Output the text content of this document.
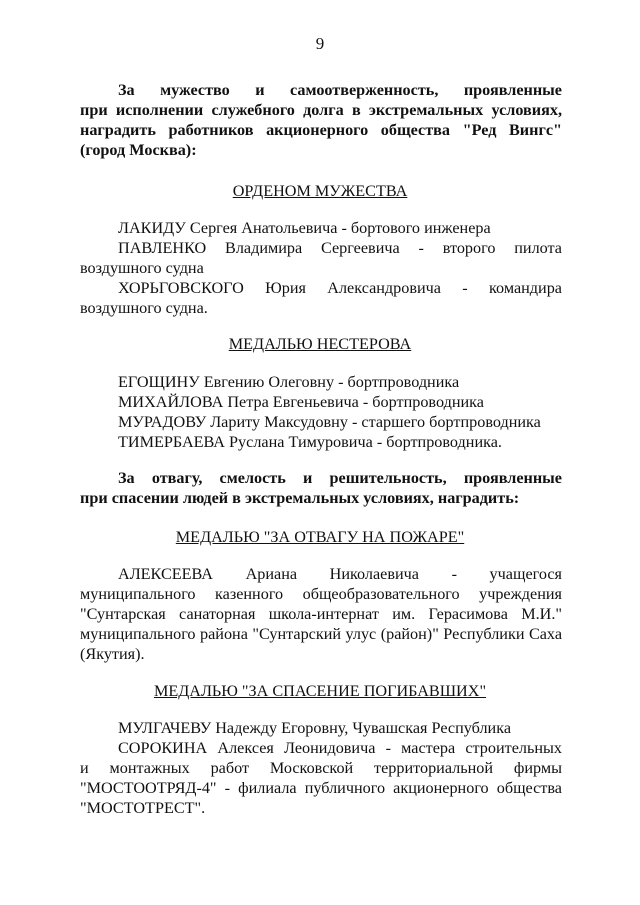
9
За мужество и самоотверженность, проявленные
при исполнении служебного долга в экстремальных условиях,
наградить работников акционерного общества "Ред Вингс"
(город Москва):
ОРДЕНОМ МУЖЕСТВА
ЛАКИДУ Сергея Анатольевича - бортового инженера
ПАВЛЕНКО Владимира Сергеевича - второго пилота
воздушного судна
ХОРЬГОВСКОГО Юрия Александровича - командира
воздушного судна.
МЕДАЛЬЮ НЕСТЕРОВА
ЕГОЩИНУ Евгению Олеговну - бортпроводника
МИХАЙЛОВА Петра Евгеньевича - бортпроводника
МУРАДОВУ Лариту Максудовну - старшего бортпроводника
ТИМЕРБАЕВА Руслана Тимуровича - бортпроводника.
За отвагу, смелость и решительность, проявленные
при спасении людей в экстремальных условиях, наградить:
МЕДАЛЬЮ "ЗА ОТВАГУ НА ПОЖАРЕ"
АЛЕКСЕЕВА Ариана Николаевича - учащегося
муниципального казенного общеобразовательного учреждения
"Сунтарская санаторная школа-интернат им. Герасимова М.И."
муниципального района "Сунтарский улус (район)" Республики Саха
(Якутия).
МЕДАЛЬЮ "ЗА СПАСЕНИЕ ПОГИБАВШИХ"
МУЛГАЧЕВУ Надежду Егоровну, Чувашская Республика
СОРОКИНА Алексея Леонидовича - мастера строительных
и монтажных работ Московской территориальной фирмы
"МОСТООТРЯД-4" - филиала публичного акционерного общества
"МОСТОТРЕСТ".
